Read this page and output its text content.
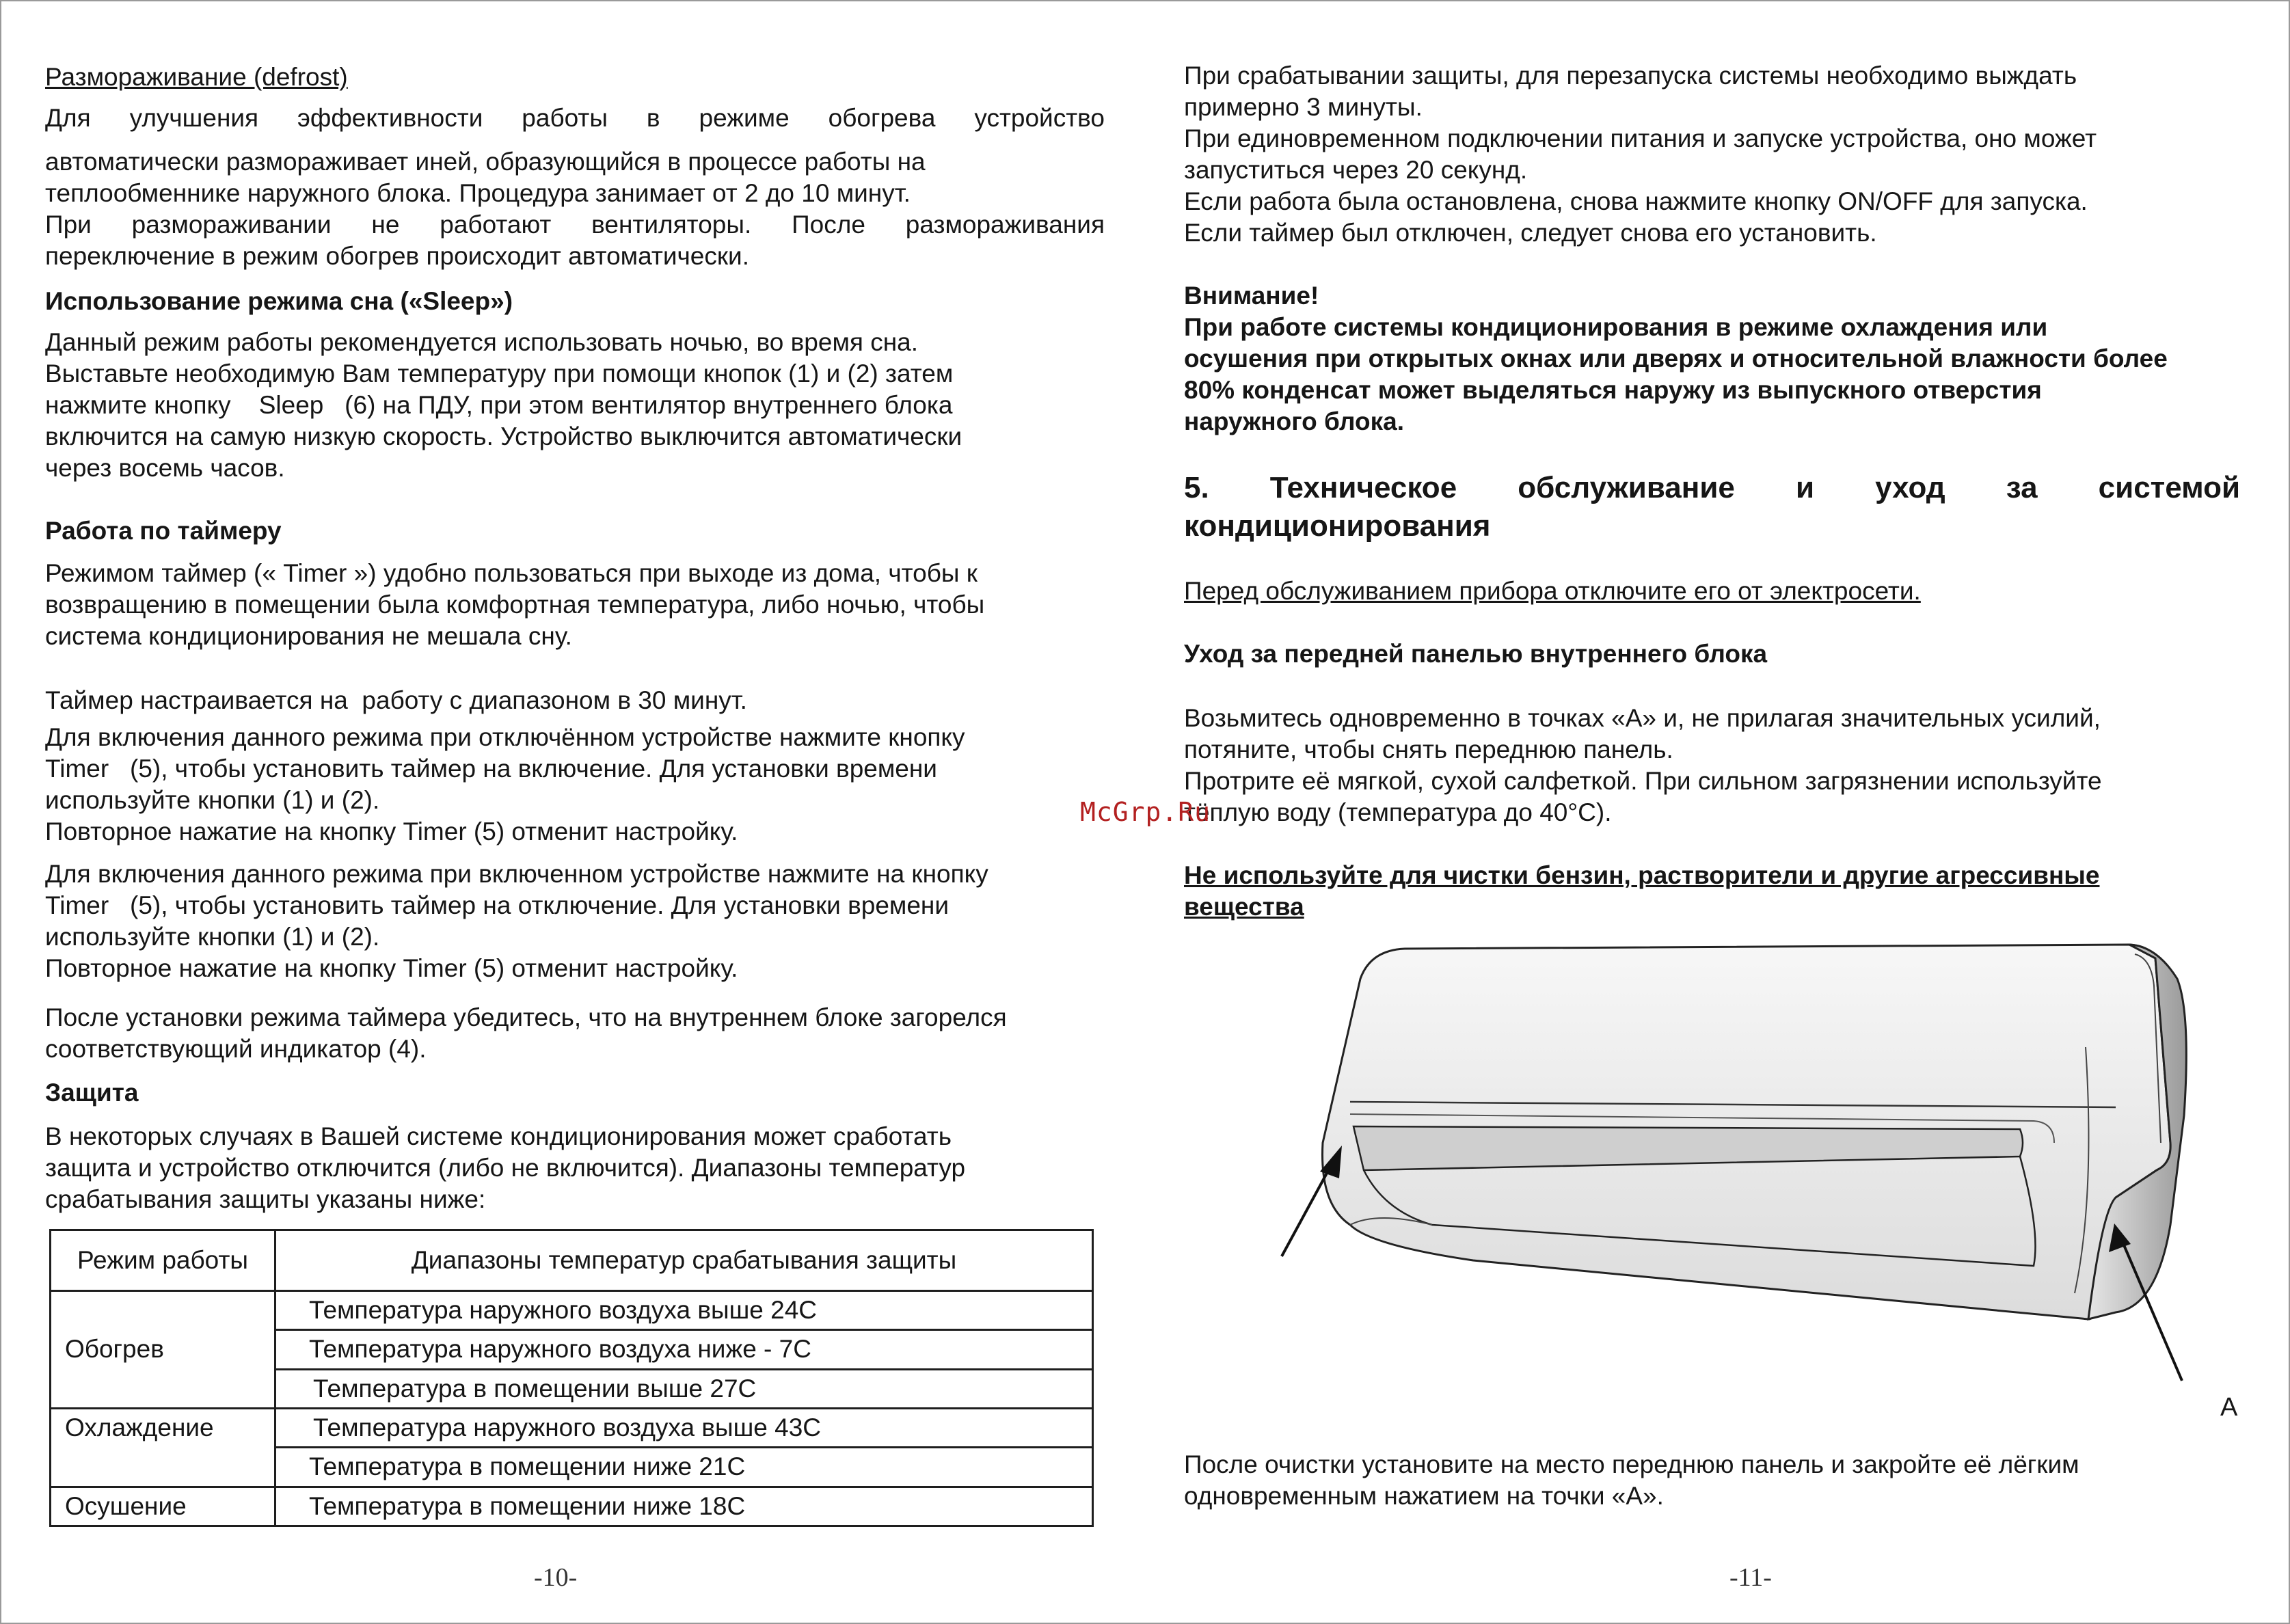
Размораживание (defrost)

Для улучшения эффективности работы в режиме обогрева устройство

автоматически размораживает иней, образующийся в процессе работы на

теплообменнике наружного блока. Процедура занимает от 2 до 10 минут.

При размораживании не работают вентиляторы. После размораживания

переключение в режим обогрев происходит автоматически.

Использование режима сна («Sleep»)

Данный режим работы рекомендуется использовать ночью, во время сна.

Выставьте необходимую Вам температуру при помощи кнопок (1) и (2) затем

нажмите кнопку    Sleep   (6) на ПДУ, при этом вентилятор внутреннего блока

включится на самую низкую скорость. Устройство выключится автоматически

через восемь часов.

Работа по таймеру

Режимом таймер (« Timer ») удобно пользоваться при выходе из дома, чтобы к

возвращению в помещении была комфортная температура, либо ночью, чтобы

система кондиционирования не мешала сну.

Таймер настраивается на  работу с диапазоном в 30 минут.

Для включения данного режима при отключённом устройстве нажмите кнопку

Timer   (5), чтобы установить таймер на включение. Для установки времени

используйте кнопки (1) и (2).

Повторное нажатие на кнопку Timer (5) отменит настройку.

Для включения данного режима при включенном устройстве нажмите на кнопку

Timer   (5), чтобы установить таймер на отключение. Для установки времени

используйте кнопки (1) и (2).

Повторное нажатие на кнопку Timer (5) отменит настройку.

После установки режима таймера убедитесь, что на внутреннем блоке загорелся

соответствующий индикатор (4).

Защита

В некоторых случаях в Вашей системе кондиционирования может сработать

защита и устройство отключится (либо не включится). Диапазоны температур

срабатывания защиты указаны ниже:

Режим работы	Диапазоны температур срабатывания защиты
Обогрев	Температура наружного воздуха выше 24С
	Температура наружного воздуха ниже - 7С
	Температура в помещении выше 27С
Охлаждение	Температура наружного воздуха выше 43С
	Температура в помещении ниже 21С
Осушение	Температура в помещении ниже 18С
-10-

При срабатывании защиты, для перезапуска системы необходимо выждать

примерно 3 минуты.

При единовременном подключении питания и запуске устройства, оно может

запуститься через 20 секунд.

Если работа была остановлена, снова нажмите кнопку ON/OFF для запуска.

Если таймер был отключен, следует снова его установить.

Внимание!

При работе системы кондиционирования в режиме охлаждения или

осушения при открытых окнах или дверях и относительной влажности более

80% конденсат может выделяться наружу из выпускного отверстия

наружного блока.

5. Техническое обслуживание и уход за системой

кондиционирования

Перед обслуживанием прибора отключите его от электросети.

Уход за передней панелью внутреннего блока

Возьмитесь одновременно в точках «А» и, не прилагая значительных усилий,

потяните, чтобы снять переднюю панель.

Протрите её мягкой, сухой салфеткой. При сильном загрязнении используйте

тёплую воду (температура до 40°С).

Не используйте для чистки бензин, растворители и другие агрессивные

вещества

После очистки установите на место переднюю панель и закройте её лёгким

одновременным нажатием на точки «А».

А
-11-
McGrp.Ru
